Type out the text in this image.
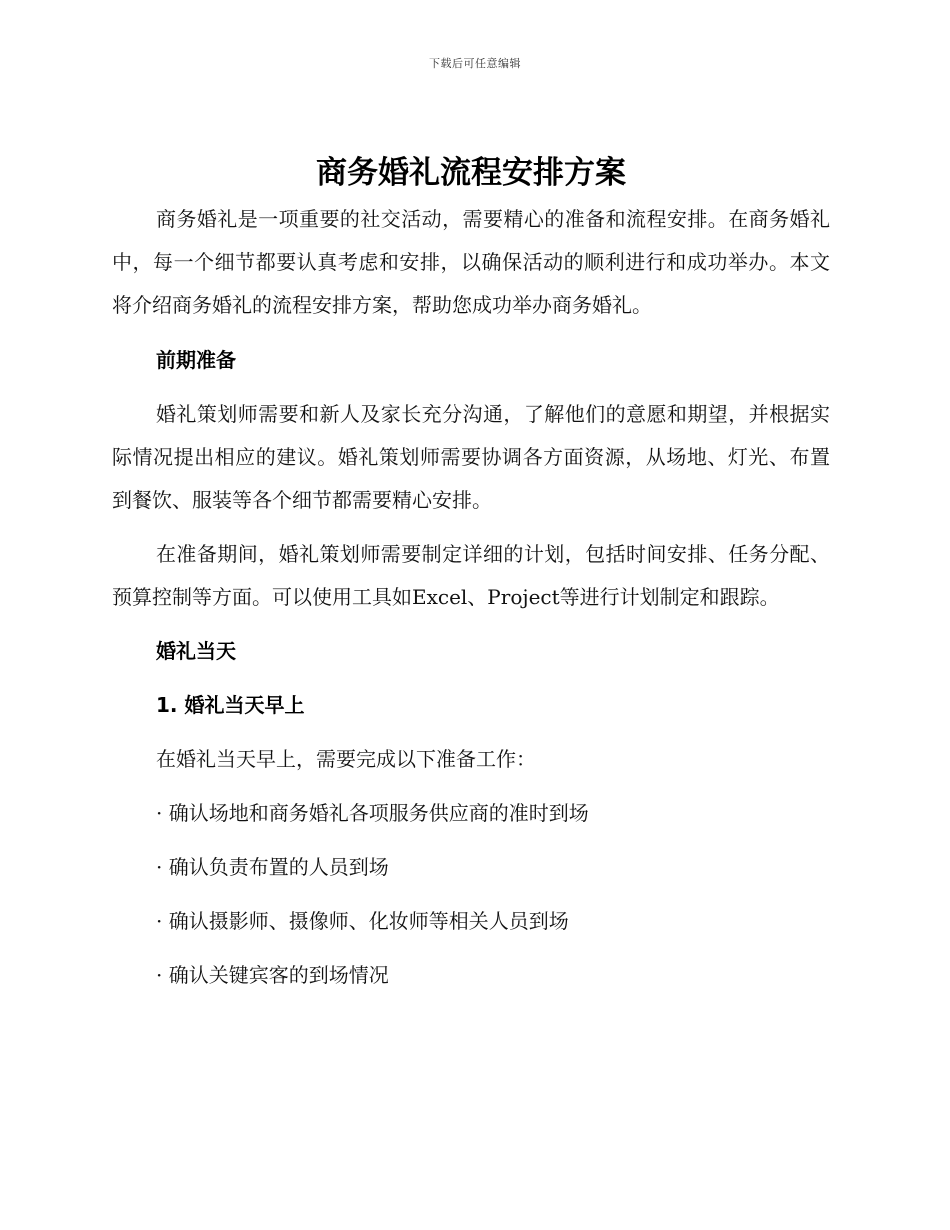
下载后可任意编辑
商务婚礼流程安排方案

商务婚礼是一项重要的社交活动，需要精心的准备和流程安排。在商务婚礼中，每一个细节都要认真考虑和安排，以确保活动的顺利进行和成功举办。本文将介绍商务婚礼的流程安排方案，帮助您成功举办商务婚礼。

前期准备

婚礼策划师需要和新人及家长充分沟通，了解他们的意愿和期望，并根据实际情况提出相应的建议。婚礼策划师需要协调各方面资源，从场地、灯光、布置到餐饮、服装等各个细节都需要精心安排。

在准备期间，婚礼策划师需要制定详细的计划，包括时间安排、任务分配、预算控制等方面。可以使用工具如Excel、Project等进行计划制定和跟踪。

婚礼当天

1. 婚礼当天早上

在婚礼当天早上，需要完成以下准备工作：

· 确认场地和商务婚礼各项服务供应商的准时到场

· 确认负责布置的人员到场

· 确认摄影师、摄像师、化妆师等相关人员到场

· 确认关键宾客的到场情况
